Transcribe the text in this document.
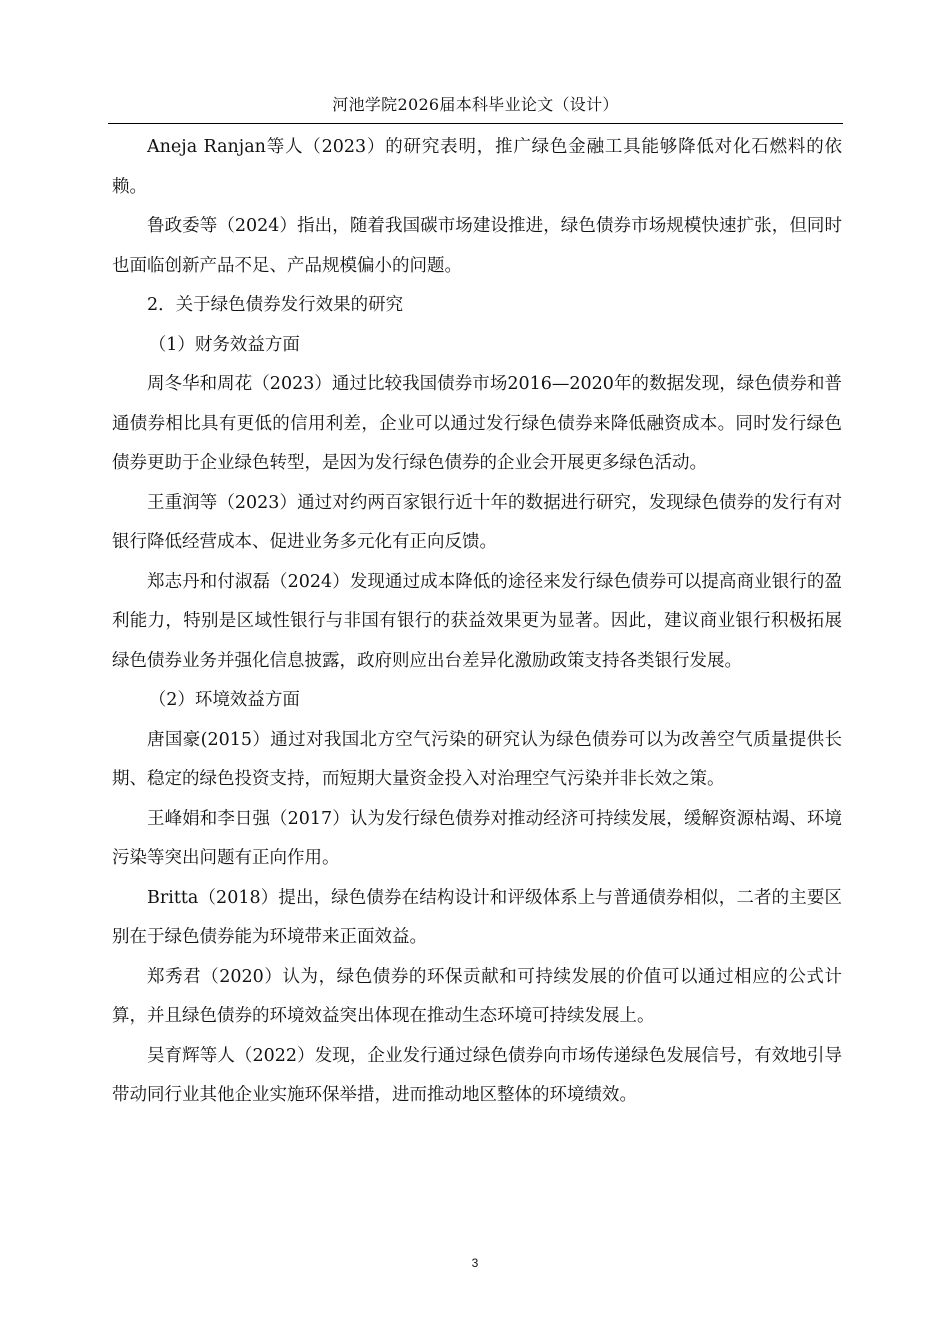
河池学院2026届本科毕业论文（设计）

Aneja Ranjan等人（2023）的研究表明，推广绿色金融工具能够降低对化石燃料的依赖。

鲁政委等（2024）指出，随着我国碳市场建设推进，绿色债券市场规模快速扩张，但同时也面临创新产品不足、产品规模偏小的问题。

2．关于绿色债券发行效果的研究

（1）财务效益方面

周冬华和周花（2023）通过比较我国债券市场2016—2020年的数据发现，绿色债券和普通债券相比具有更低的信用利差，企业可以通过发行绿色债券来降低融资成本。同时发行绿色债券更助于企业绿色转型，是因为发行绿色债券的企业会开展更多绿色活动。

王重润等（2023）通过对约两百家银行近十年的数据进行研究，发现绿色债券的发行有对银行降低经营成本、促进业务多元化有正向反馈。

郑志丹和付淑磊（2024）发现通过成本降低的途径来发行绿色债券可以提高商业银行的盈利能力，特别是区域性银行与非国有银行的获益效果更为显著。因此，建议商业银行积极拓展绿色债券业务并强化信息披露，政府则应出台差异化激励政策支持各类银行发展。

（2）环境效益方面

唐国豪(2015）通过对我国北方空气污染的研究认为绿色债券可以为改善空气质量提供长期、稳定的绿色投资支持，而短期大量资金投入对治理空气污染并非长效之策。

王峰娟和李日强（2017）认为发行绿色债券对推动经济可持续发展，缓解资源枯竭、环境污染等突出问题有正向作用。

Britta（2018）提出，绿色债券在结构设计和评级体系上与普通债券相似，二者的主要区别在于绿色债券能为环境带来正面效益。

郑秀君（2020）认为，绿色债券的环保贡献和可持续发展的价值可以通过相应的公式计算，并且绿色债券的环境效益突出体现在推动生态环境可持续发展上。

吴育辉等人（2022）发现，企业发行通过绿色债券向市场传递绿色发展信号，有效地引导带动同行业其他企业实施环保举措，进而推动地区整体的环境绩效。

3
